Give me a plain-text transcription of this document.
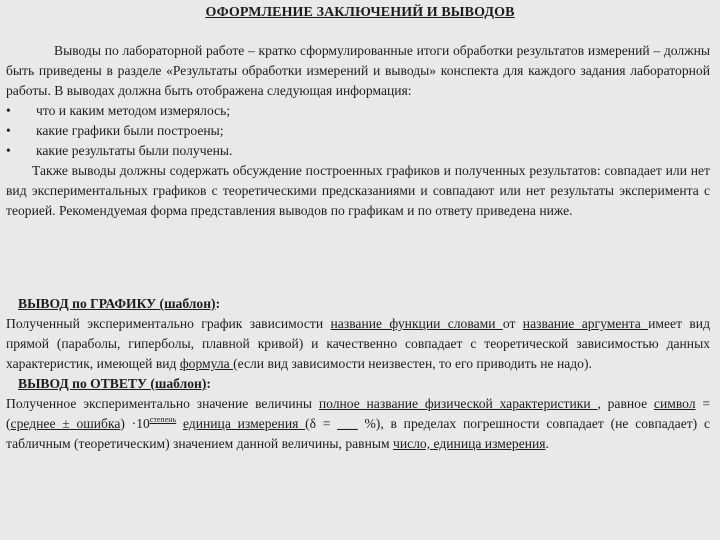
ОФОРМЛЕНИЕ ЗАКЛЮЧЕНИЙ И ВЫВОДОВ

Выводы по лабораторной работе – кратко сформулированные итоги обработки результатов измерений – должны быть приведены в разделе «Результаты обработки измерений и выводы» конспекта для каждого задания лабораторной работы. В выводах должна быть отображена следующая информация:

• что и каким методом измерялось;
• какие графики были построены;
• какие результаты были получены.

Также выводы должны содержать обсуждение построенных графиков и полученных результатов: совпадает или нет вид экспериментальных графиков с теоретическими предсказаниями и совпадают или нет результаты эксперимента с теорией. Рекомендуемая форма представления выводов по графикам и по ответу приведена ниже.

ВЫВОД по ГРАФИКУ (шаблон):

Полученный экспериментально график зависимости название функции словами от название аргумента имеет вид прямой (параболы, гиперболы, плавной кривой) и качественно совпадает с теоретической зависимостью данных характеристик, имеющей вид формула (если вид зависимости неизвестен, то его приводить не надо).

ВЫВОД по ОТВЕТУ (шаблон):

Полученное экспериментально значение величины полное название физической характеристики , равное символ = (среднее ± ошибка) $\cdot 10^{степень}$ единица измерения (δ = ___ %), в пределах погрешности совпадает (не совпадает) с табличным (теоретическим) значением данной величины, равным число, единица измерения.
